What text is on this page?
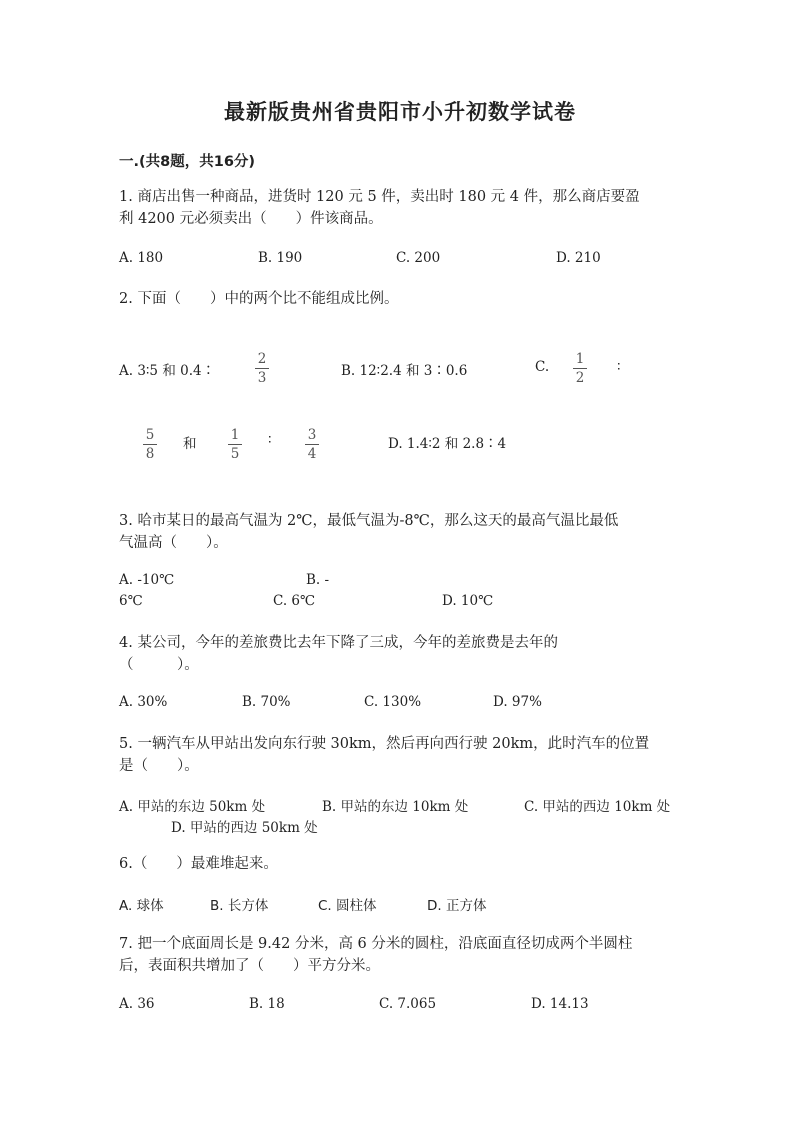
最新版贵州省贵阳市小升初数学试卷
一.(共8题，共16分)
1. 商店出售一种商品，进货时 120 元 5 件，卖出时 180 元 4 件，那么商店要盈
利 4200 元必须卖出（　　）件该商品。
A. 180	B. 190	C. 200	D. 210
2. 下面（　　）中的两个比不能组成比例。
A. 3∶5 和 0.4∶
2
3	B. 12∶2.4 和 3∶0.6	C. 1
2
∶
5
8
和
1
5
∶	3
4
D. 1.4∶2 和 2.8∶4
3. 哈市某日的最高气温为 2℃，最低气温为-8℃，那么这天的最高气温比最低
气温高（　　）。
A. -10℃	B. -
6℃	C. 6℃	D. 10℃
4. 某公司，今年的差旅费比去年下降了三成，今年的差旅费是去年的
（　　　）。
A. 30%	B. 70%	C. 130%	D. 97%
5. 一辆汽车从甲站出发向东行驶 30km，然后再向西行驶 20km，此时汽车的位置
是（　　）。
A. 甲站的东边 50km 处	B. 甲站的东边 10km 处	C. 甲站的西边 10km 处
D. 甲站的西边 50km 处
6.（　　）最难堆起来。
A. 球体	B. 长方体	C. 圆柱体	D. 正方体
7. 把一个底面周长是 9.42 分米，高 6 分米的圆柱，沿底面直径切成两个半圆柱
后，表面积共增加了（　　）平方分米。
A. 36	B. 18	C. 7.065	D. 14.13
